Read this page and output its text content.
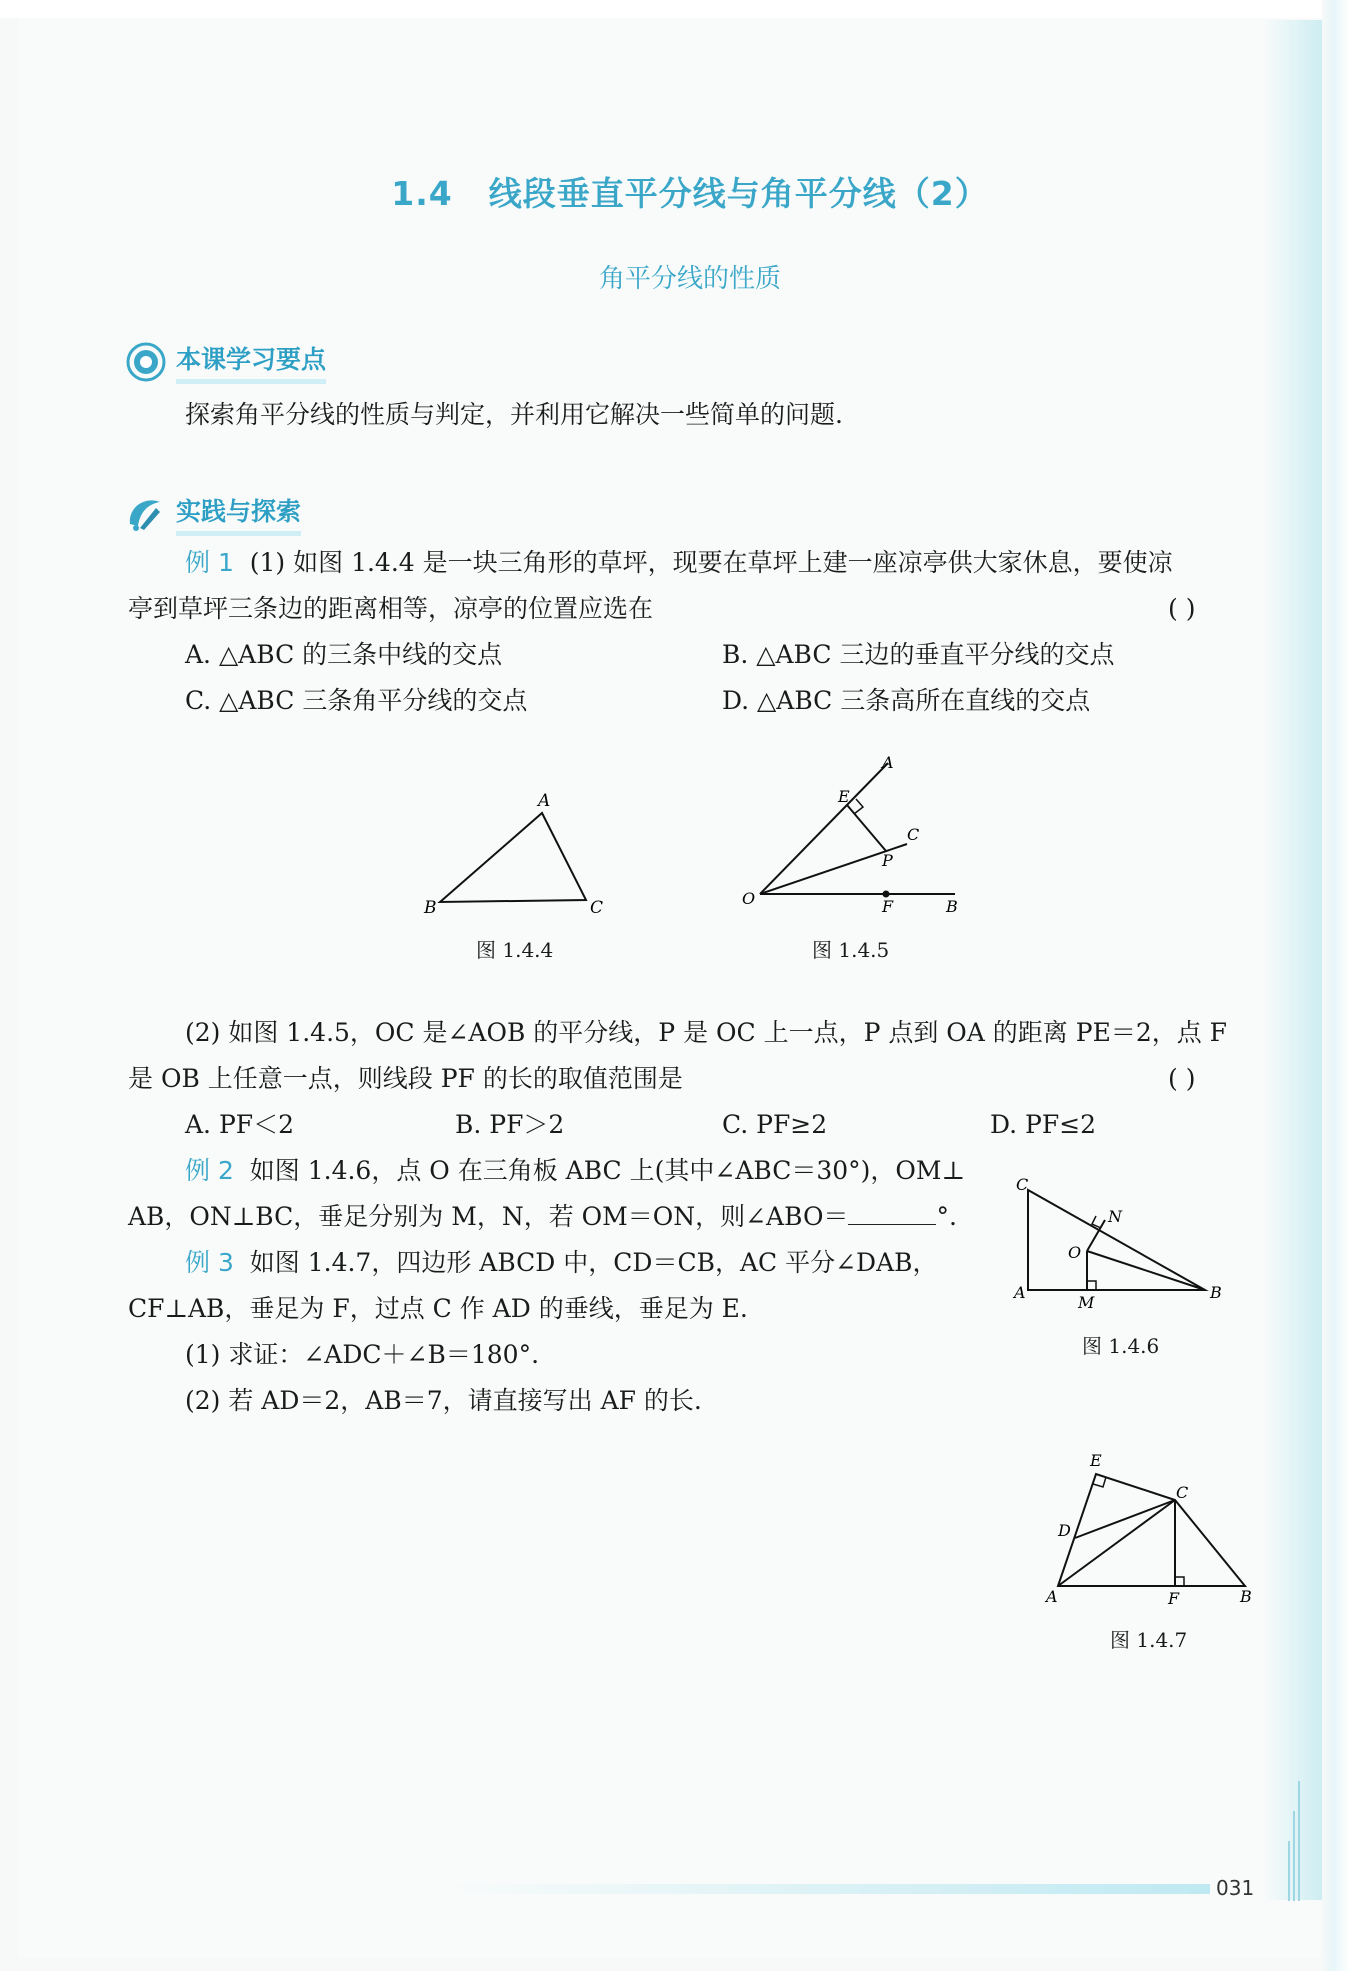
1.4 线段垂直平分线与角平分线（2）
角平分线的性质
本课学习要点
探索角平分线的性质与判定，并利用它解决一些简单的问题.
实践与探索
例 1 (1) 如图 1.4.4 是一块三角形的草坪，现要在草坪上建一座凉亭供大家休息，要使凉
亭到草坪三条边的距离相等，凉亭的位置应选在	( )
A. △ABC 的三条中线的交点	B. △ABC 三边的垂直平分线的交点
C. △ABC 三条角平分线的交点	D. △ABC 三条高所在直线的交点
A
B	C
图 1.4.4
A
E
C
P
O	F	B
图 1.4.5
(2) 如图 1.4.5，OC 是∠AOB 的平分线，P 是 OC 上一点，P 点到 OA 的距离 PE＝2，点 F
是 OB 上任意一点，则线段 PF 的长的取值范围是	( )
A. PF＜2	B. PF＞2	C. PF≥2	D. PF≤2
例 2 如图 1.4.6，点 O 在三角板 ABC 上(其中∠ABC＝30°)，OM⊥
AB，ON⊥BC，垂足分别为 M，N，若 OM＝ON，则∠ABO＝	°.
例 3 如图 1.4.7，四边形 ABCD 中，CD＝CB，AC 平分∠DAB，
CF⊥AB，垂足为 F，过点 C 作 AD 的垂线，垂足为 E.
(1) 求证：∠ADC＋∠B＝180°.
(2) 若 AD＝2，AB＝7，请直接写出 AF 的长.
C
N
O
A
M
B
图 1.4.6
E
C
D
A	F	B
图 1.4.7
031
